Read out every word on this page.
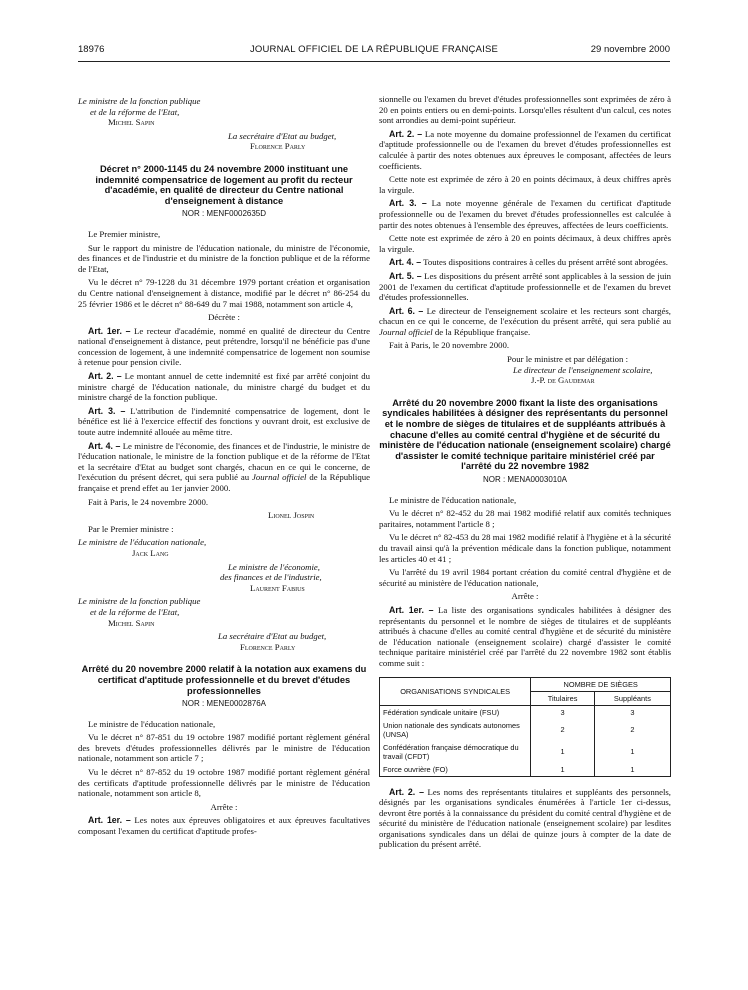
18976	JOURNAL OFFICIEL DE LA RÉPUBLIQUE FRANÇAISE	29 novembre 2000
Le ministre de la fonction publique
et de la réforme de l'Etat,
Michel Sapin
La secrétaire d'Etat au budget,
Florence Parly
Décret n° 2000-1145 du 24 novembre 2000 instituant une indemnité compensatrice de logement au profit du recteur d'académie, en qualité de directeur du Centre national d'enseignement à distance
NOR : MENF0002635D

Le Premier ministre,

Sur le rapport du ministre de l'éducation nationale, du ministre de l'économie, des finances et de l'industrie et du ministre de la fonction publique et de la réforme de l'Etat,

Vu le décret n° 79-1228 du 31 décembre 1979 portant création et organisation du Centre national d'enseignement à distance, modifié par le décret n° 86-254 du 25 février 1986 et le décret n° 88-649 du 7 mai 1988, notamment son article 4,

Décrète :

Art. 1er. – Le recteur d'académie, nommé en qualité de directeur du Centre national d'enseignement à distance, peut prétendre, lorsqu'il ne bénéficie pas d'une concession de logement, à une indemnité compensatrice de logement non soumise à retenue pour pension civile.

Art. 2. – Le montant annuel de cette indemnité est fixé par arrêté conjoint du ministre chargé de l'éducation nationale, du ministre chargé du budget et du ministre chargé de la fonction publique.

Art. 3. – L'attribution de l'indemnité compensatrice de logement, dont le bénéfice est lié à l'exercice effectif des fonctions y ouvrant droit, est exclusive de toute autre indemnité allouée au même titre.

Art. 4. – Le ministre de l'économie, des finances et de l'industrie, le ministre de l'éducation nationale, le ministre de la fonction publique et de la réforme de l'Etat et la secrétaire d'Etat au budget sont chargés, chacun en ce qui le concerne, de l'exécution du présent décret, qui sera publié au Journal officiel de la République française et prend effet au 1er janvier 2000.

Fait à Paris, le 24 novembre 2000.

Lionel Jospin
Par le Premier ministre :
Le ministre de l'éducation nationale,
Jack Lang
Le ministre de l'économie,
des finances et de l'industrie,
Laurent Fabius
Le ministre de la fonction publique
et de la réforme de l'Etat,
Michel Sapin
La secrétaire d'Etat au budget,
Florence Parly
Arrêté du 20 novembre 2000 relatif à la notation aux examens du certificat d'aptitude professionnelle et du brevet d'études professionnelles
NOR : MENE0002876A

Le ministre de l'éducation nationale,

Vu le décret n° 87-851 du 19 octobre 1987 modifié portant règlement général des brevets d'études professionnelles délivrés par le ministre de l'éducation nationale, notamment son article 7 ;

Vu le décret n° 87-852 du 19 octobre 1987 modifié portant règlement général des certificats d'aptitude professionnelle délivrés par le ministre de l'éducation nationale, notamment son article 8,

Arrête :

Art. 1er. – Les notes aux épreuves obligatoires et aux épreuves facultatives composant l'examen du certificat d'aptitude profes-

sionnelle ou l'examen du brevet d'études professionnelles sont exprimées de zéro à 20 en points entiers ou en demi-points. Lorsqu'elles résultent d'un calcul, ces notes sont arrondies au demi-point supérieur.

Art. 2. – La note moyenne du domaine professionnel de l'examen du certificat d'aptitude professionnelle ou de l'examen du brevet d'études professionnelles est calculée à partir des notes obtenues aux épreuves le composant, affectées de leurs coefficients.

Cette note est exprimée de zéro à 20 en points décimaux, à deux chiffres après la virgule.

Art. 3. – La note moyenne générale de l'examen du certificat d'aptitude professionnelle ou de l'examen du brevet d'études professionnelles est calculée à partir des notes obtenues à l'ensemble des épreuves, affectées de leurs coefficients.

Cette note est exprimée de zéro à 20 en points décimaux, à deux chiffres après la virgule.

Art. 4. – Toutes dispositions contraires à celles du présent arrêté sont abrogées.

Art. 5. – Les dispositions du présent arrêté sont applicables à la session de juin 2001 de l'examen du certificat d'aptitude professionnelle et de l'examen du brevet d'études professionnelles.

Art. 6. – Le directeur de l'enseignement scolaire et les recteurs sont chargés, chacun en ce qui le concerne, de l'exécution du présent arrêté, qui sera publié au Journal officiel de la République française.

Fait à Paris, le 20 novembre 2000.

Pour le ministre et par délégation :
Le directeur de l'enseignement scolaire,
J.-P. de Gaudemar
Arrêté du 20 novembre 2000 fixant la liste des organisations syndicales habilitées à désigner des représentants du personnel et le nombre de sièges de titulaires et de suppléants attribués à chacune d'elles au comité central d'hygiène et de sécurité du ministère de l'éducation nationale (enseignement scolaire) chargé d'assister le comité technique paritaire ministériel créé par l'arrêté du 22 novembre 1982
NOR : MENA0003010A

Le ministre de l'éducation nationale,

Vu le décret n° 82-452 du 28 mai 1982 modifié relatif aux comités techniques paritaires, notamment l'article 8 ;

Vu le décret n° 82-453 du 28 mai 1982 modifié relatif à l'hygiène et à la sécurité du travail ainsi qu'à la prévention médicale dans la fonction publique, notamment les articles 40 et 41 ;

Vu l'arrêté du 19 avril 1984 portant création du comité central d'hygiène et de sécurité au ministère de l'éducation nationale,

Arrête :

Art. 1er. – La liste des organisations syndicales habilitées à désigner des représentants du personnel et le nombre de sièges de titulaires et de suppléants attribués à chacune d'elles au comité central d'hygiène et de sécurité du ministère de l'éducation nationale (enseignement scolaire) chargé d'assister le comité technique paritaire ministériel créé par l'arrêté du 22 novembre 1982 sont établis comme suit :

ORGANISATIONS SYNDICALES	NOMBRE DE SIÈGES	
	Titulaires	Suppléants
Fédération syndicale unitaire (FSU)	3	3
Union nationale des syndicats autonomes (UNSA)	2	2
Confédération française démocratique du travail (CFDT)	1	1
Force ouvrière (FO)	1	1

Art. 2. – Les noms des représentants titulaires et suppléants des personnels, désignés par les organisations syndicales énumérées à l'article 1er ci-dessus, devront être portés à la connaissance du président du comité central d'hygiène et de sécurité du ministère de l'éducation nationale (enseignement scolaire) par lesdites organisations syndicales dans un délai de quinze jours à compter de la date de publication du présent arrêté.
